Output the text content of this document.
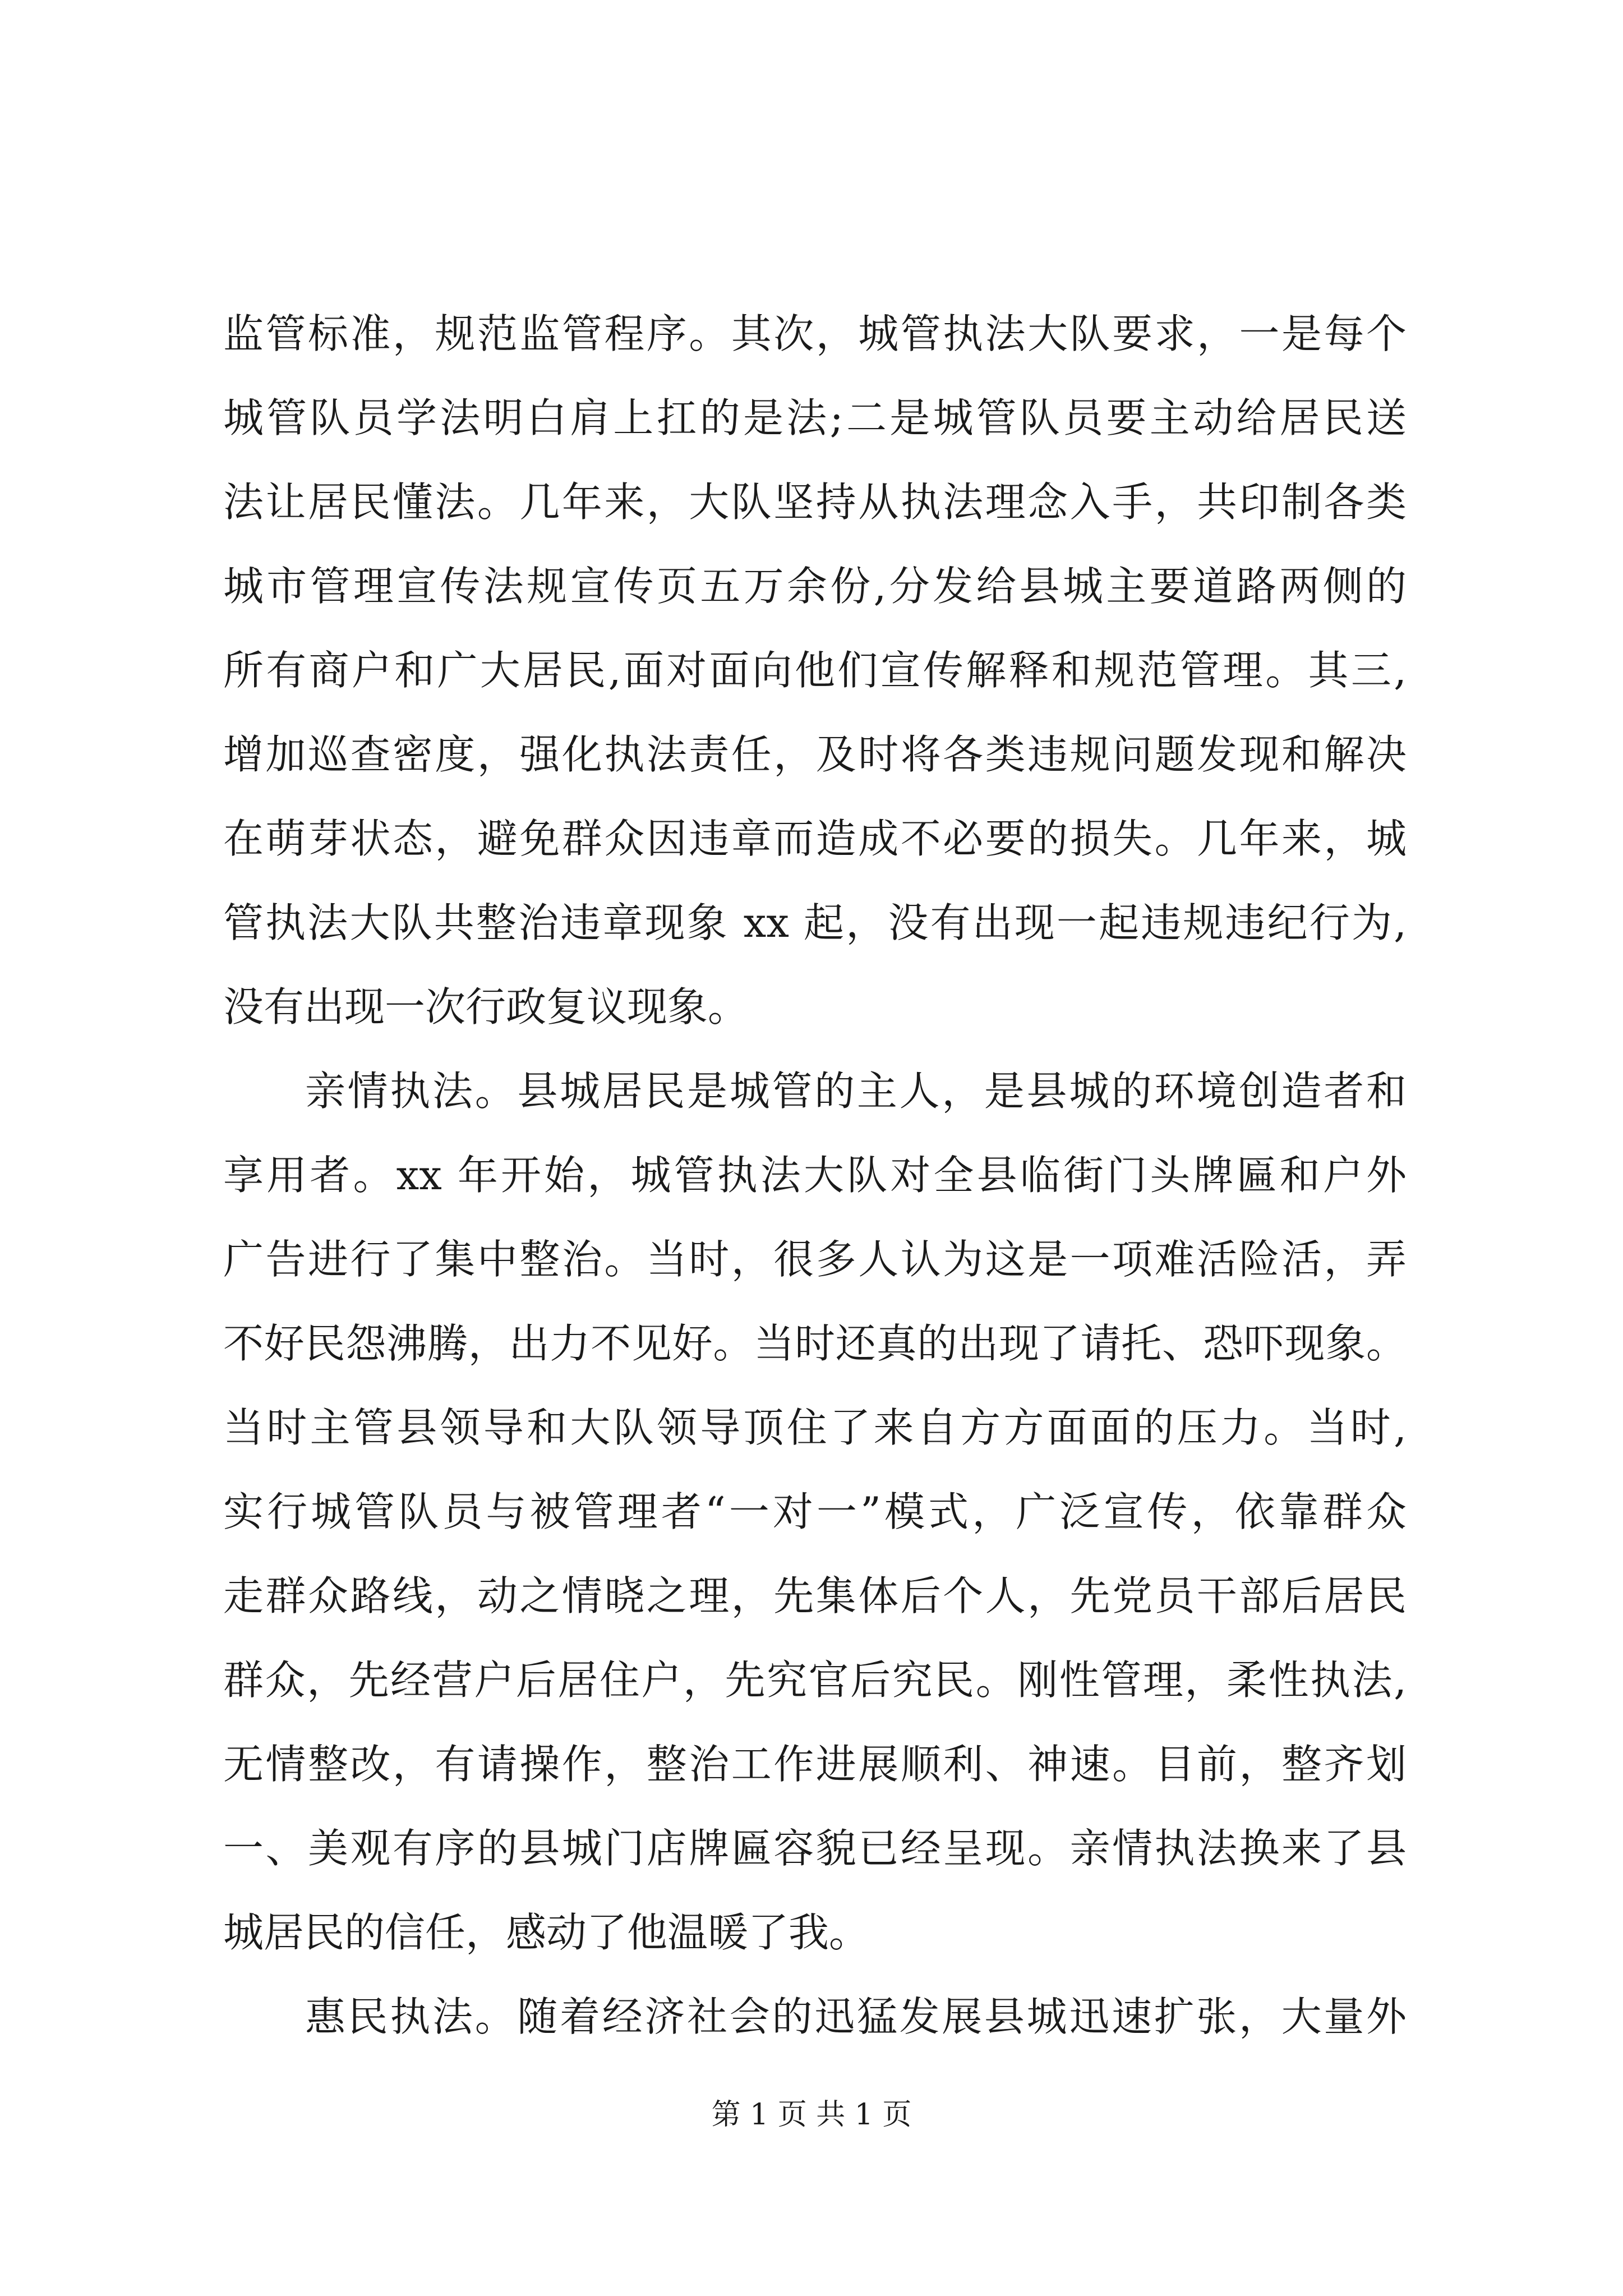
监管标准，规范监管程序。其次，城管执法大队要求，一是每个
城管队员学法明白肩上扛的是法;二是城管队员要主动给居民送
法让居民懂法。几年来，大队坚持从执法理念入手，共印制各类
城市管理宣传法规宣传页五万余份,分发给县城主要道路两侧的
所有商户和广大居民,面对面向他们宣传解释和规范管理。其三,
增加巡查密度，强化执法责任，及时将各类违规问题发现和解决
在萌芽状态，避免群众因违章而造成不必要的损失。几年来，城
管执法大队共整治违章现象 xx 起，没有出现一起违规违纪行为,
没有出现一次行政复议现象。
亲情执法。县城居民是城管的主人，是县城的环境创造者和
享用者。xx 年开始，城管执法大队对全县临街门头牌匾和户外
广告进行了集中整治。当时，很多人认为这是一项难活险活，弄
不好民怨沸腾，出力不见好。当时还真的出现了请托、恐吓现象。
当时主管县领导和大队领导顶住了来自方方面面的压力。当时,
实行城管队员与被管理者“一对一”模式，广泛宣传，依靠群众
走群众路线，动之情晓之理，先集体后个人，先党员干部后居民
群众，先经营户后居住户，先究官后究民。刚性管理，柔性执法,
无情整改，有请操作，整治工作进展顺利、神速。目前，整齐划
一、美观有序的县城门店牌匾容貌已经呈现。亲情执法换来了县
城居民的信任，感动了他温暖了我。
惠民执法。随着经济社会的迅猛发展县城迅速扩张，大量外
第 1 页 共 1 页
